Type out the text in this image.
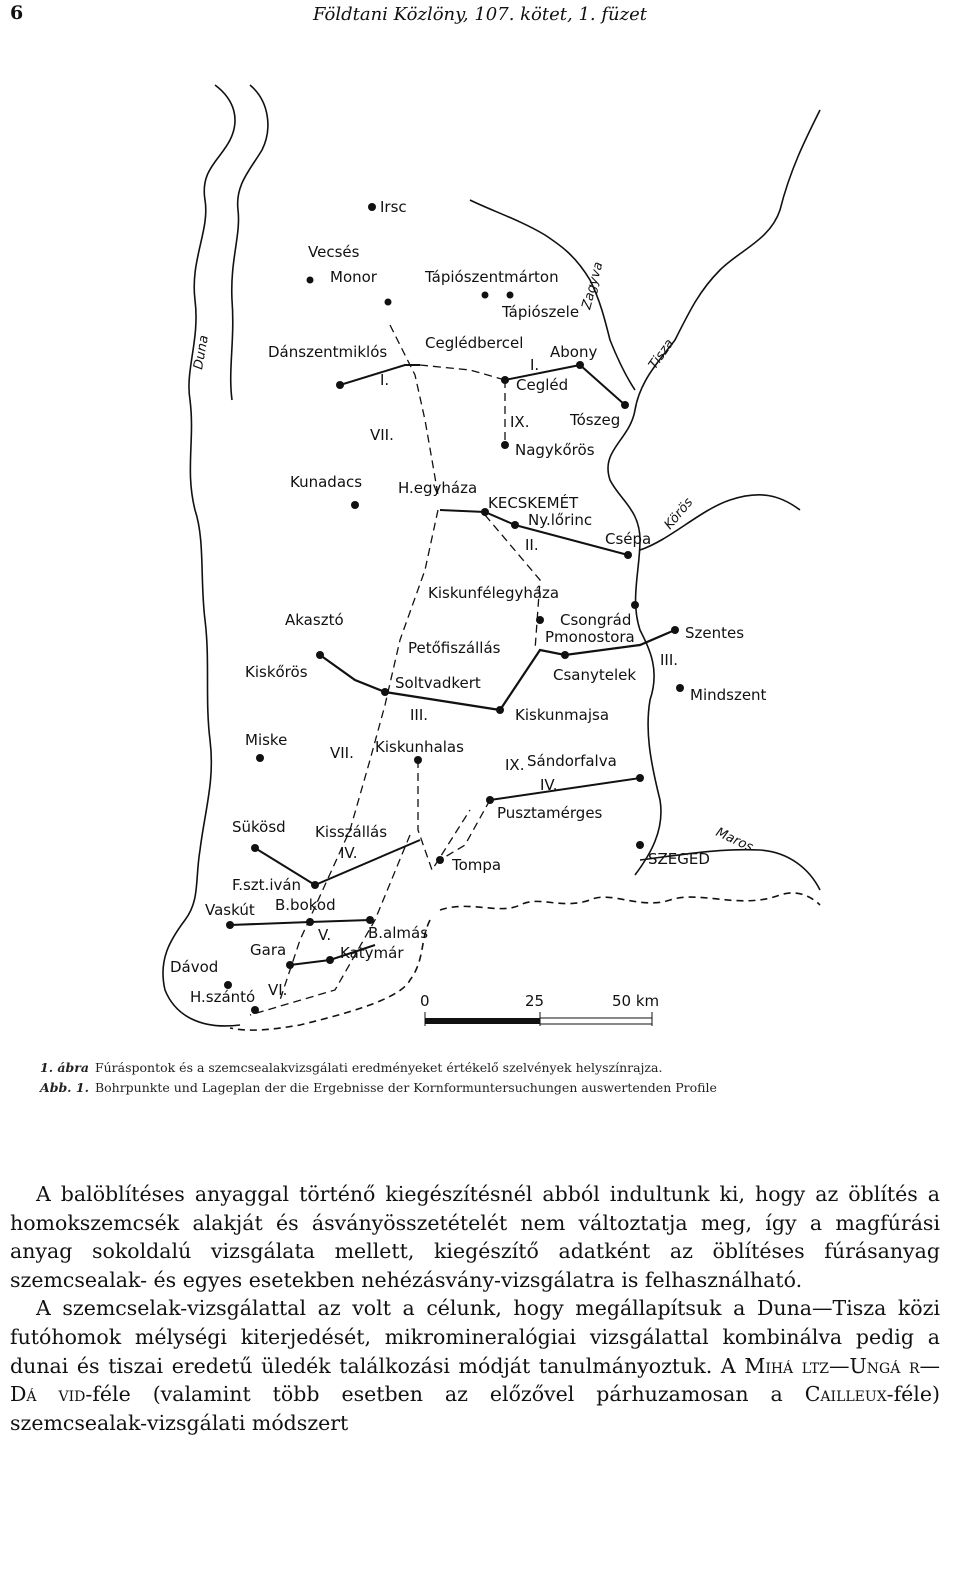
6	Földtani Közlöny, 107. kötet, 1. füzet
Irsc
Vecsés
Monor	Tápiószentmárton
Tápiószele
Dánszentmiklós	Ceglédbercel Abony
Cegléd
Tószeg
Nagykőrös
Kunadacs H.egyháza
KECSKEMÉT
Ny.lőrinc
Csépa
Kiskunfélegyháza
Csongrád
Pmonostora	Szentes
Akasztó
Petőfiszállás
Kiskőrös
Soltvadkert	Csanytelek
Mindszent
Kiskunmajsa
Miske	Kiskunhalas
Sándorfalva
Pusztamérges
Sükösd Kisszállás
SZEGED
Tompa
F.szt.iván
Vaskút B.bokod
B.almás
Gara	Katymár
Dávod
H.szántó
Duna
Zagyva
Tisza
Körös
Maros
I.
I.
IX.
VII.
II.
III.
III.
VII.
IX.
IV.
IV.
V.
VI.
0	25	50 km
1. ábra Fúráspontok és a szemcsealakvizsgálati eredményeket értékelő szelvények helyszínrajza.
Abb. 1. Bohrpunkte und Lageplan der die Ergebnisse der Kornformuntersuchungen auswertenden Profile

A balöblítéses anyaggal történő kiegészítésnél abból indultunk ki, hogy az öblítés a homokszemcsék alakját és ásványösszetételét nem változtatja meg, így a magfúrási anyag sokoldalú vizsgálata mellett, kiegészítő adatként az öblítéses fúrásanyag szemcsealak- és egyes esetekben nehézásvány-vizsgálatra is felhasználható.

A szemcselak-vizsgálattal az volt a célunk, hogy megállapítsuk a Duna—Tisza közi futóhomok mélységi kiterjedését, mikromineralógiai vizsgálattal kombinálva pedig a dunai és tiszai eredetű üledék találkozási módját tanulmányoztuk. A Mihá ltz—Ungá r—Dá vid-féle (valamint több esetben az előzővel párhuzamosan a Cailleux-féle) szemcsealak-vizsgálati módszert
